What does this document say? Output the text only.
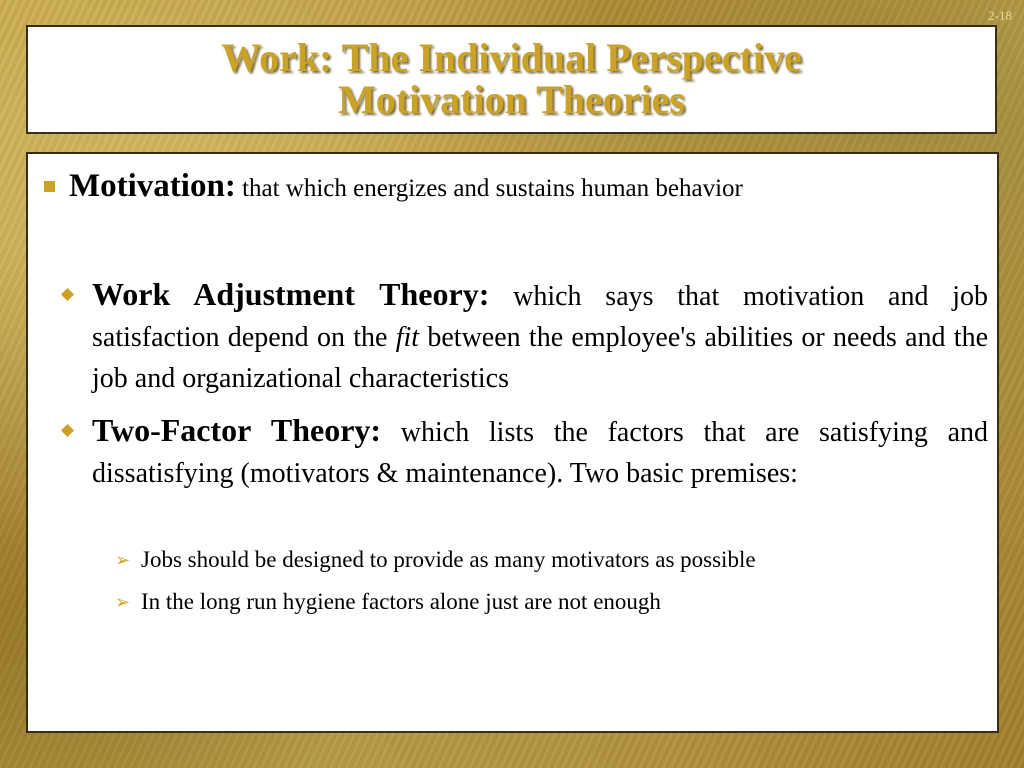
2-18
Work: The Individual Perspective
Motivation Theories
Motivation: that which energizes and sustains human behavior
Work Adjustment Theory: which says that motivation and job satisfaction depend on the fit between the employee's abilities or needs and the job and organizational characteristics
Two-Factor Theory: which lists the factors that are satisfying and dissatisfying (motivators & maintenance). Two basic premises:
➢ Jobs should be designed to provide as many motivators as possible
➢ In the long run hygiene factors alone just are not enough
